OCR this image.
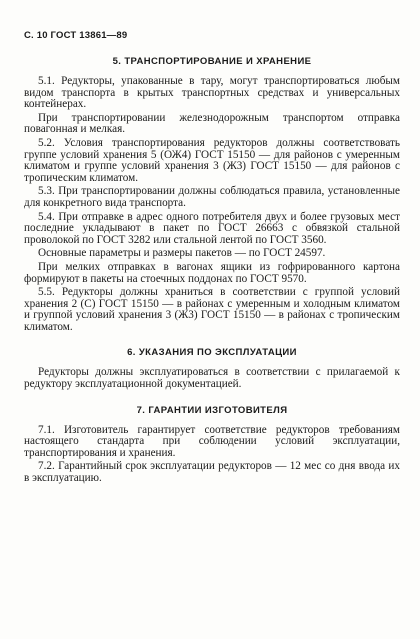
С. 10 ГОСТ 13861—89
5. ТРАНСПОРТИРОВАНИЕ И ХРАНЕНИЕ

5.1. Редукторы, упакованные в тару, могут транспортироваться любым видом транспорта в крытых транспортных средствах и универсальных контейнерах.

При транспортировании железнодорожным транспортом отправка повагонная и мелкая.

5.2. Условия транспортирования редукторов должны соответствовать группе условий хранения 5 (ОЖ4) ГОСТ 15150 — для районов с умеренным климатом и группе условий хранения 3 (Ж3) ГОСТ 15150 — для районов с тропическим климатом.

5.3. При транспортировании должны соблюдаться правила, установленные для конкретного вида транспорта.

5.4. При отправке в адрес одного потребителя двух и более грузовых мест последние укладывают в пакет по ГОСТ 26663 с обвязкой стальной проволокой по ГОСТ 3282 или стальной лентой по ГОСТ 3560.

Основные параметры и размеры пакетов — по ГОСТ 24597.

При мелких отправках в вагонах ящики из гофрированного картона формируют в пакеты на стоечных поддонах по ГОСТ 9570.

5.5. Редукторы должны храниться в соответствии с группой условий хранения 2 (С) ГОСТ 15150 — в районах с умеренным и холодным климатом и группой условий хранения 3 (Ж3) ГОСТ 15150 — в районах с тропическим климатом.

6. УКАЗАНИЯ ПО ЭКСПЛУАТАЦИИ

Редукторы должны эксплуатироваться в соответствии с прилагаемой к редуктору эксплуатационной документацией.

7. ГАРАНТИИ ИЗГОТОВИТЕЛЯ

7.1. Изготовитель гарантирует соответствие редукторов требованиям настоящего стандарта при соблюдении условий эксплуатации, транспортирования и хранения.

7.2. Гарантийный срок эксплуатации редукторов — 12 мес со дня ввода их в эксплуатацию.
